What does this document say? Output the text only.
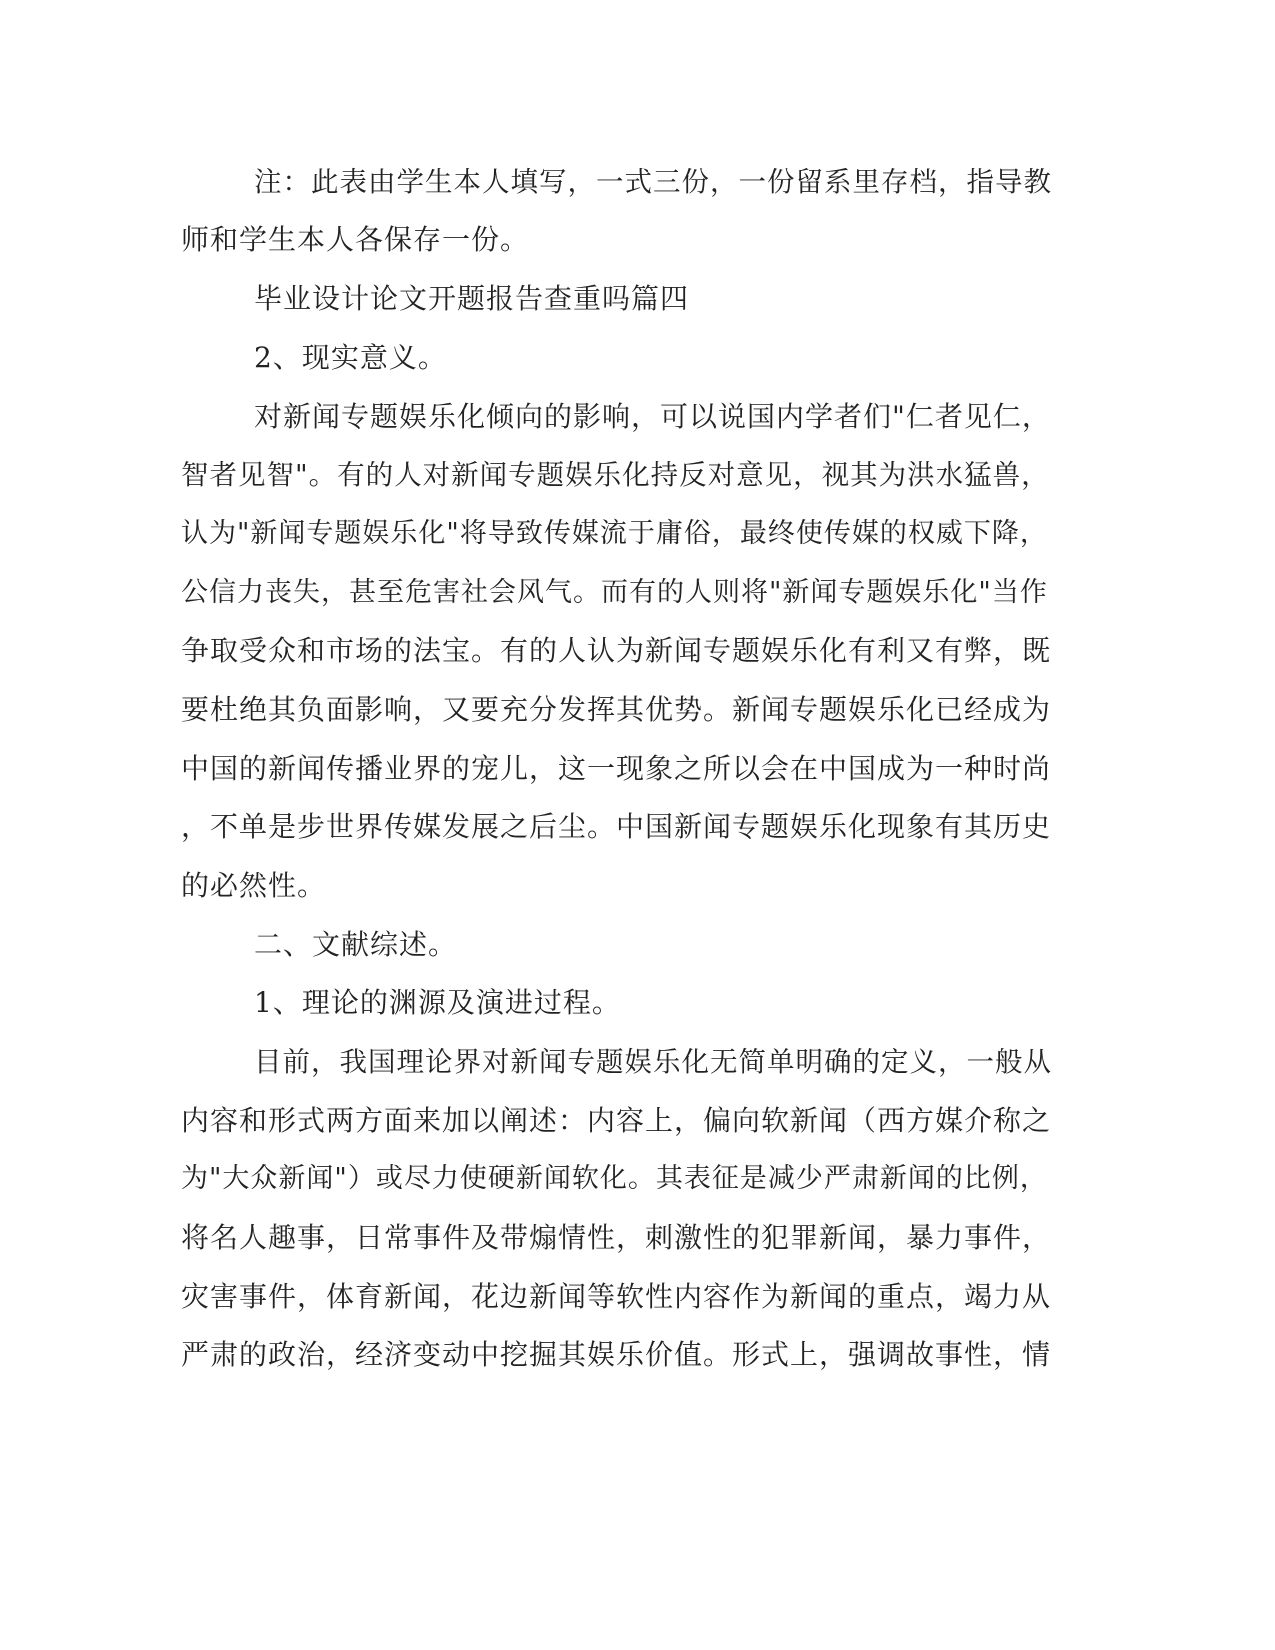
注：此表由学生本人填写，一式三份，一份留系里存档，指导教
师和学生本人各保存一份。
毕业设计论文开题报告查重吗篇四
2、现实意义。
对新闻专题娱乐化倾向的影响，可以说国内学者们"仁者见仁，
智者见智"。有的人对新闻专题娱乐化持反对意见，视其为洪水猛兽，
认为"新闻专题娱乐化"将导致传媒流于庸俗，最终使传媒的权威下降，
公信力丧失，甚至危害社会风气。而有的人则将"新闻专题娱乐化"当作
争取受众和市场的法宝。有的人认为新闻专题娱乐化有利又有弊，既
要杜绝其负面影响，又要充分发挥其优势。新闻专题娱乐化已经成为
中国的新闻传播业界的宠儿，这一现象之所以会在中国成为一种时尚
，不单是步世界传媒发展之后尘。中国新闻专题娱乐化现象有其历史
的必然性。
二、文献综述。
1、理论的渊源及演进过程。
目前，我国理论界对新闻专题娱乐化无简单明确的定义，一般从
内容和形式两方面来加以阐述：内容上，偏向软新闻（西方媒介称之
为"大众新闻"）或尽力使硬新闻软化。其表征是减少严肃新闻的比例，
将名人趣事，日常事件及带煽情性，刺激性的犯罪新闻，暴力事件，
灾害事件，体育新闻，花边新闻等软性内容作为新闻的重点，竭力从
严肃的政治，经济变动中挖掘其娱乐价值。形式上，强调故事性，情
